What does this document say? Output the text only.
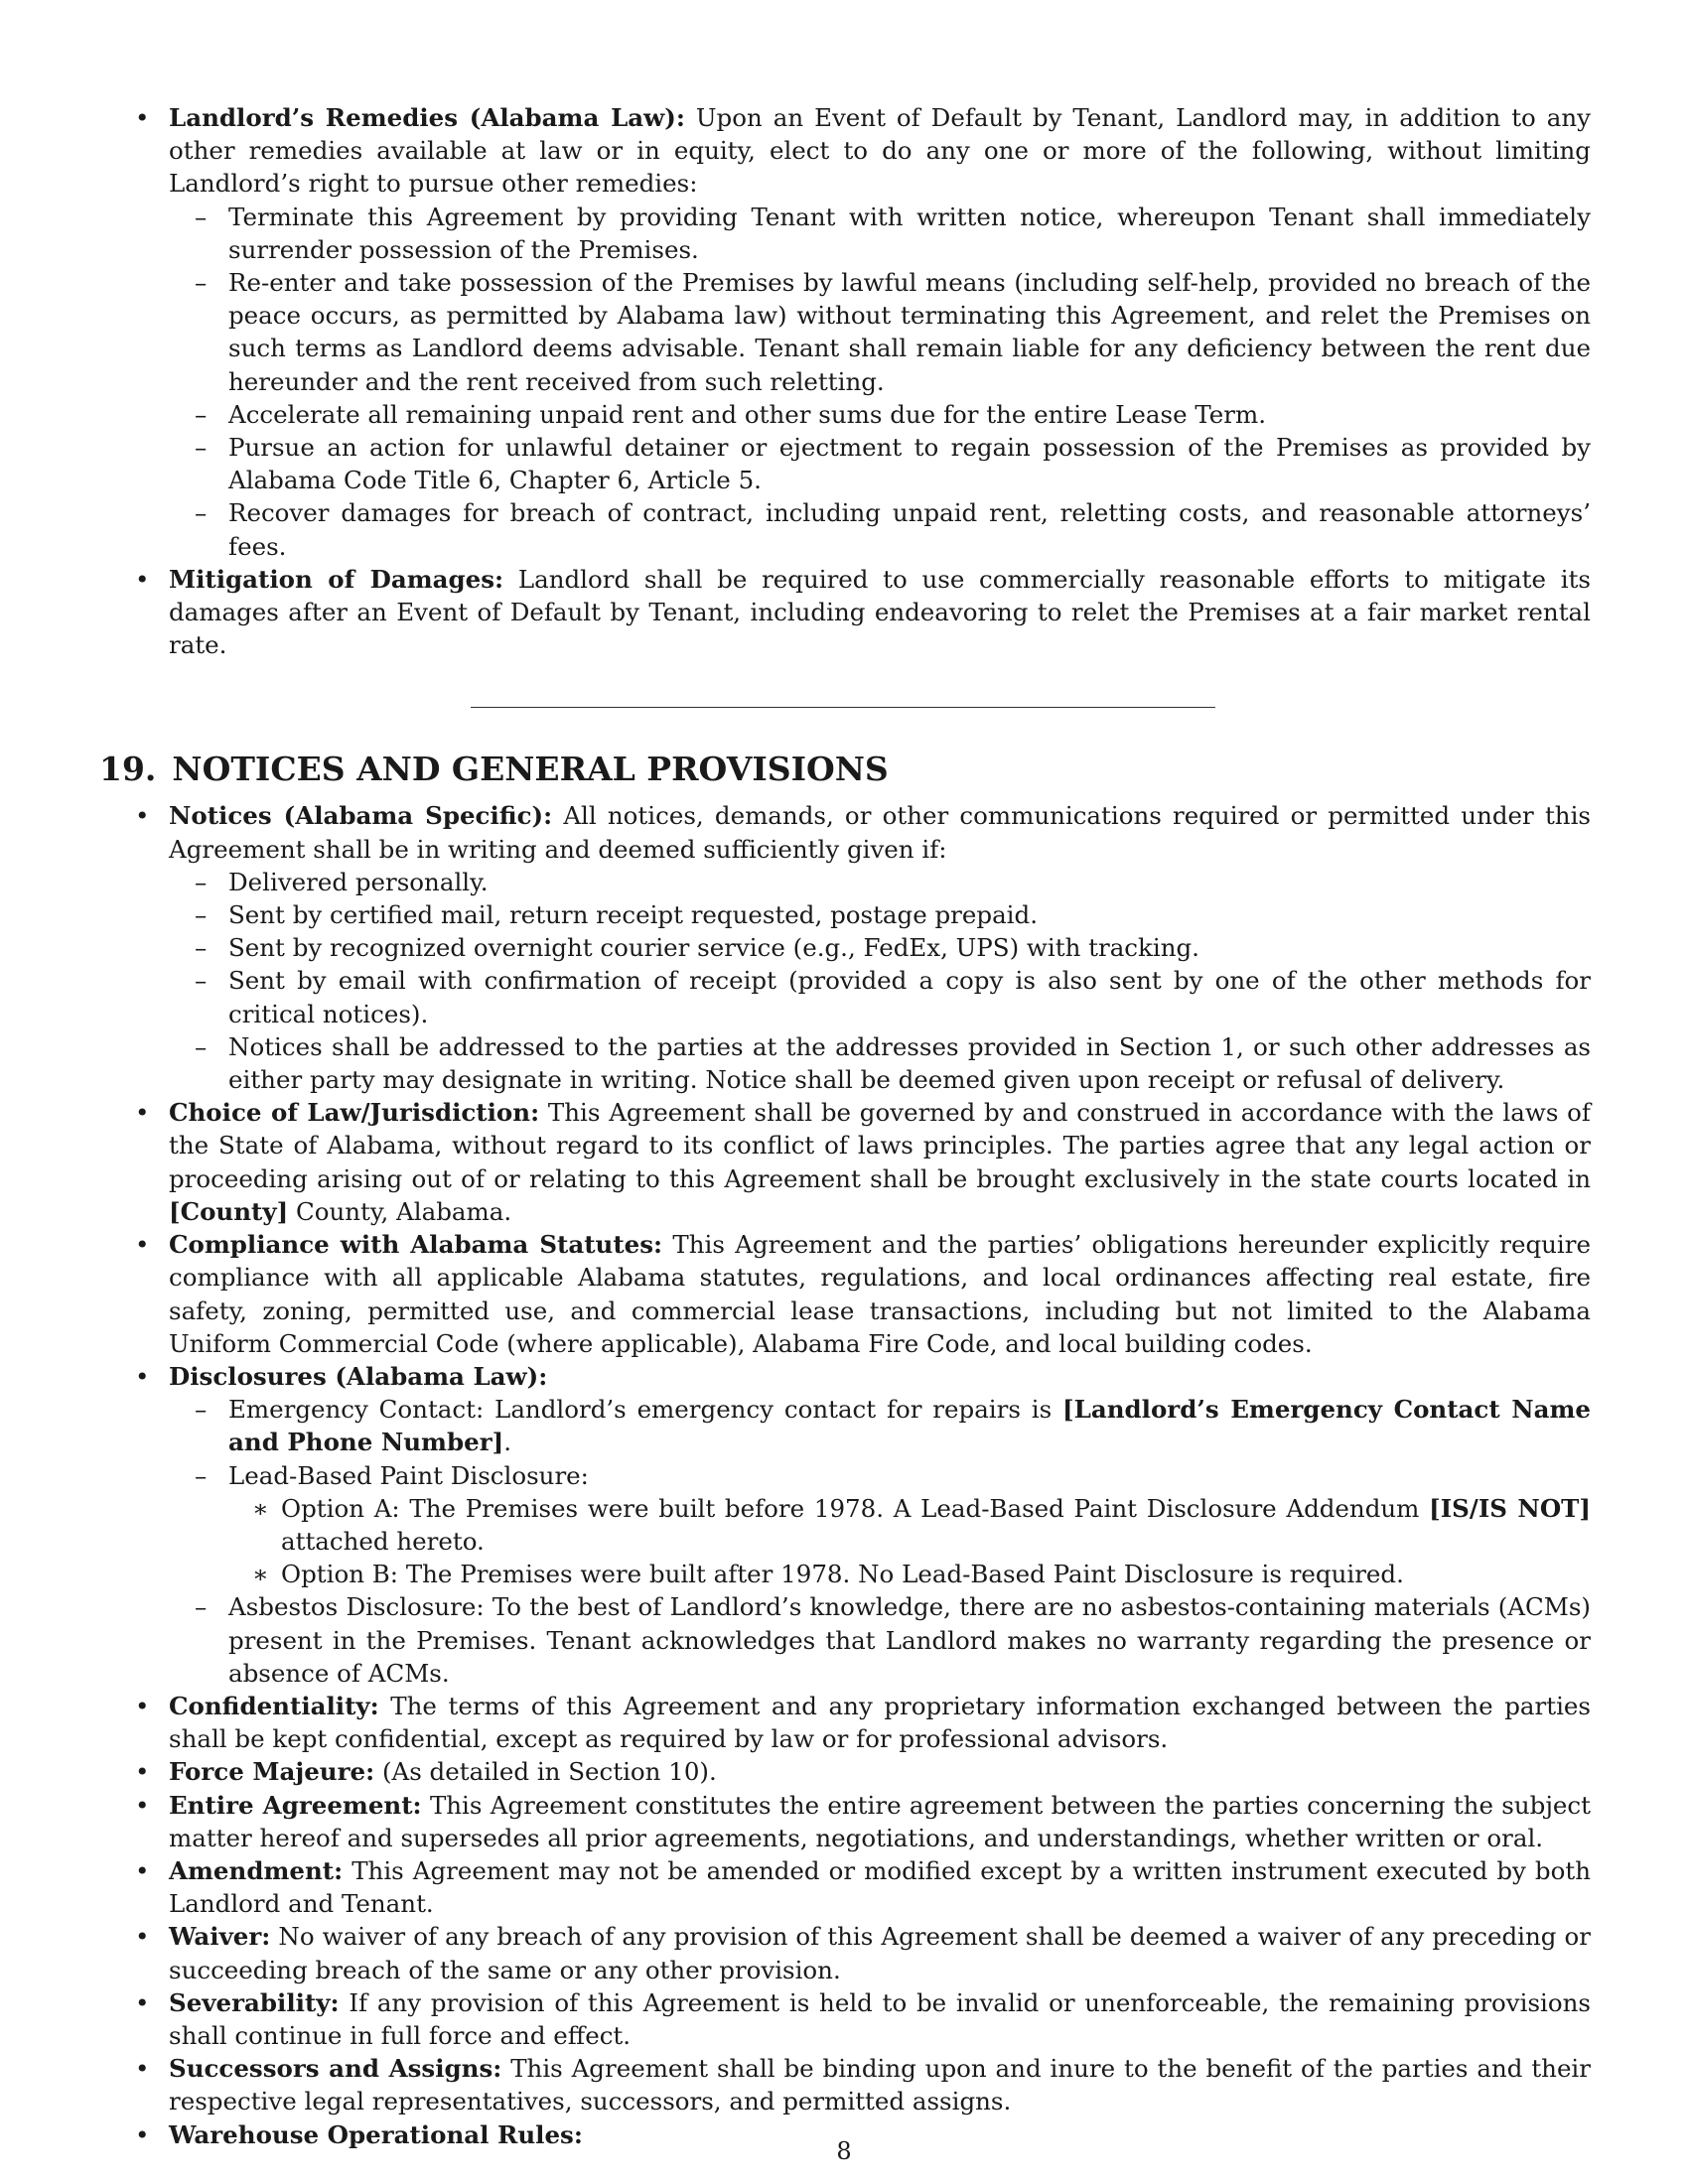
• Landlord’s Remedies (Alabama Law): Upon an Event of Default by Tenant, Landlord may, in addition to any other remedies available at law or in equity, elect to do any one or more of the following, without limiting Landlord’s right to pursue other remedies:
– Terminate this Agreement by providing Tenant with written notice, whereupon Tenant shall immediately surrender possession of the Premises.
– Re-enter and take possession of the Premises by lawful means (including self-help, provided no breach of the peace occurs, as permitted by Alabama law) without terminating this Agreement, and relet the Premises on such terms as Landlord deems advisable. Tenant shall remain liable for any deficiency between the rent due hereunder and the rent received from such reletting.
– Accelerate all remaining unpaid rent and other sums due for the entire Lease Term.
– Pursue an action for unlawful detainer or ejectment to regain possession of the Premises as provided by Alabama Code Title 6, Chapter 6, Article 5.
– Recover damages for breach of contract, including unpaid rent, reletting costs, and reasonable attorneys’ fees.
• Mitigation of Damages: Landlord shall be required to use commercially reasonable efforts to mitigate its damages after an Event of Default by Tenant, including endeavoring to relet the Premises at a fair market rental rate.
19. NOTICES AND GENERAL PROVISIONS
• Notices (Alabama Specific): All notices, demands, or other communications required or permitted under this Agreement shall be in writing and deemed sufficiently given if:
– Delivered personally.
– Sent by certified mail, return receipt requested, postage prepaid.
– Sent by recognized overnight courier service (e.g., FedEx, UPS) with tracking.
– Sent by email with confirmation of receipt (provided a copy is also sent by one of the other methods for critical notices).
– Notices shall be addressed to the parties at the addresses provided in Section 1, or such other addresses as either party may designate in writing. Notice shall be deemed given upon receipt or refusal of delivery.
• Choice of Law/Jurisdiction: This Agreement shall be governed by and construed in accordance with the laws of the State of Alabama, without regard to its conflict of laws principles. The parties agree that any legal action or proceeding arising out of or relating to this Agreement shall be brought exclusively in the state courts located in [County] County, Alabama.
• Compliance with Alabama Statutes: This Agreement and the parties’ obligations hereunder explicitly require compliance with all applicable Alabama statutes, regulations, and local ordinances affecting real estate, fire safety, zoning, permitted use, and commercial lease transactions, including but not limited to the Alabama Uniform Commercial Code (where applicable), Alabama Fire Code, and local building codes.
• Disclosures (Alabama Law):
– Emergency Contact: Landlord’s emergency contact for repairs is [Landlord’s Emergency Contact Name and Phone Number].
– Lead-Based Paint Disclosure:
∗ Option A: The Premises were built before 1978. A Lead-Based Paint Disclosure Addendum [IS/IS NOT] attached hereto.
∗ Option B: The Premises were built after 1978. No Lead-Based Paint Disclosure is required.
– Asbestos Disclosure: To the best of Landlord’s knowledge, there are no asbestos-containing materials (ACMs) present in the Premises. Tenant acknowledges that Landlord makes no warranty regarding the presence or absence of ACMs.
• Confidentiality: The terms of this Agreement and any proprietary information exchanged between the parties shall be kept confidential, except as required by law or for professional advisors.
• Force Majeure: (As detailed in Section 10).
• Entire Agreement: This Agreement constitutes the entire agreement between the parties concerning the subject matter hereof and supersedes all prior agreements, negotiations, and understandings, whether written or oral.
• Amendment: This Agreement may not be amended or modified except by a written instrument executed by both Landlord and Tenant.
• Waiver: No waiver of any breach of any provision of this Agreement shall be deemed a waiver of any preceding or succeeding breach of the same or any other provision.
• Severability: If any provision of this Agreement is held to be invalid or unenforceable, the remaining provisions shall continue in full force and effect.
• Successors and Assigns: This Agreement shall be binding upon and inure to the benefit of the parties and their respective legal representatives, successors, and permitted assigns.
• Warehouse Operational Rules:
8
